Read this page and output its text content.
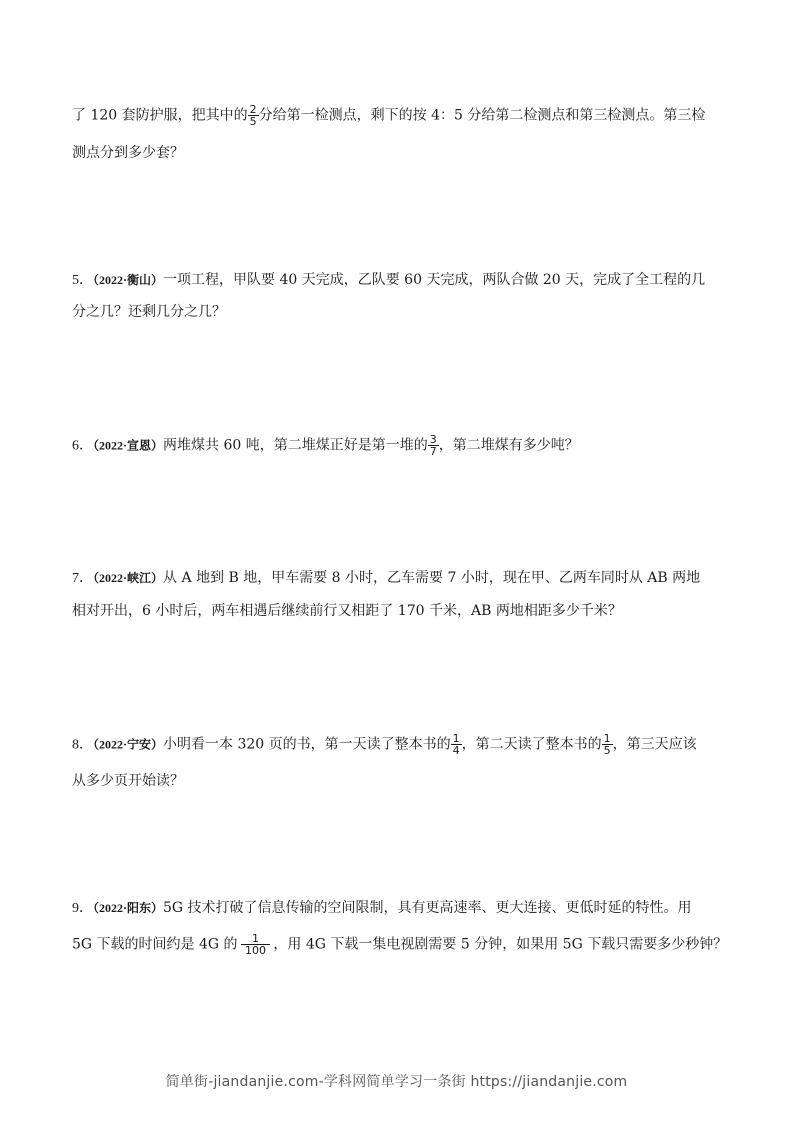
了 120 套防护服，把其中的 $\frac{2}{5}$ 分给第一检测点，剩下的按 4：5 分给第二检测点和第三检测点。第三检
测点分到多少套？
5．（2022·衡山）一项工程，甲队要 40 天完成，乙队要 60 天完成，两队合做 20 天，完成了全工程的几
分之几？还剩几分之几？
6．（2022·宣恩）两堆煤共 60 吨，第二堆煤正好是第一堆的 $\frac{3}{7}$ ，第二堆煤有多少吨？
7．（2022·峡江）从 A 地到 B 地，甲车需要 8 小时，乙车需要 7 小时，现在甲、乙两车同时从 AB 两地
相对开出，6 小时后，两车相遇后继续前行又相距了 170 千米，AB 两地相距多少千米？
8．（2022·宁安）小明看一本 320 页的书，第一天读了整本书的 $\frac{1}{4}$ ，第二天读了整本书的 $\frac{1}{5}$ ，第三天应该
从多少页开始读？
9．（2022·阳东）5G 技术打破了信息传输的空间限制，具有更高速率、更大连接、更低时延的特性。用
5G 下载的时间约是 4G 的 $\frac{1}{100}$ ，用 4G 下载一集电视剧需要 5 分钟，如果用 5G 下载只需要多少秒钟？
简单街-jiandanjie.com-学科网简单学习一条街 https://jiandanjie.com
